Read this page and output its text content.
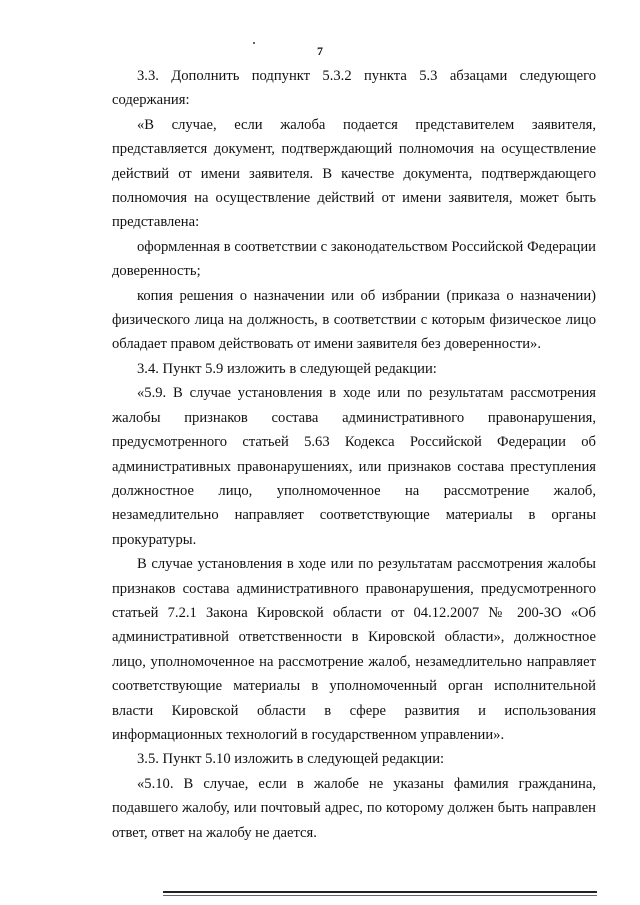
7

3.3. Дополнить подпункт 5.3.2 пункта 5.3 абзацами следующего содержания:

«В случае, если жалоба подается представителем заявителя, представляется документ, подтверждающий полномочия на осуществление действий от имени заявителя. В качестве документа, подтверждающего полномочия на осуществление действий от имени заявителя, может быть представлена:

оформленная в соответствии с законодательством Российской Федерации доверенность;

копия решения о назначении или об избрании (приказа о назначении) физического лица на должность, в соответствии с которым физическое лицо обладает правом действовать от имени заявителя без доверенности».

3.4. Пункт 5.9 изложить в следующей редакции:

«5.9. В случае установления в ходе или по результатам рассмотрения жалобы признаков состава административного правонарушения, предусмотренного статьей 5.63 Кодекса Российской Федерации об административных правонарушениях, или признаков состава преступления должностное лицо, уполномоченное на рассмотрение жалоб, незамедлительно направляет соответствующие материалы в органы прокуратуры.

В случае установления в ходе или по результатам рассмотрения жалобы признаков состава административного правонарушения, предусмотренного статьей 7.2.1 Закона Кировской области от 04.12.2007 № 200-ЗО «Об административной ответственности в Кировской области», должностное лицо, уполномоченное на рассмотрение жалоб, незамедлительно направляет соответствующие материалы в уполномоченный орган исполнительной власти Кировской области в сфере развития и использования информационных технологий в государственном управлении».

3.5. Пункт 5.10 изложить в следующей редакции:

«5.10. В случае, если в жалобе не указаны фамилия гражданина, подавшего жалобу, или почтовый адрес, по которому должен быть направлен ответ, ответ на жалобу не дается.
